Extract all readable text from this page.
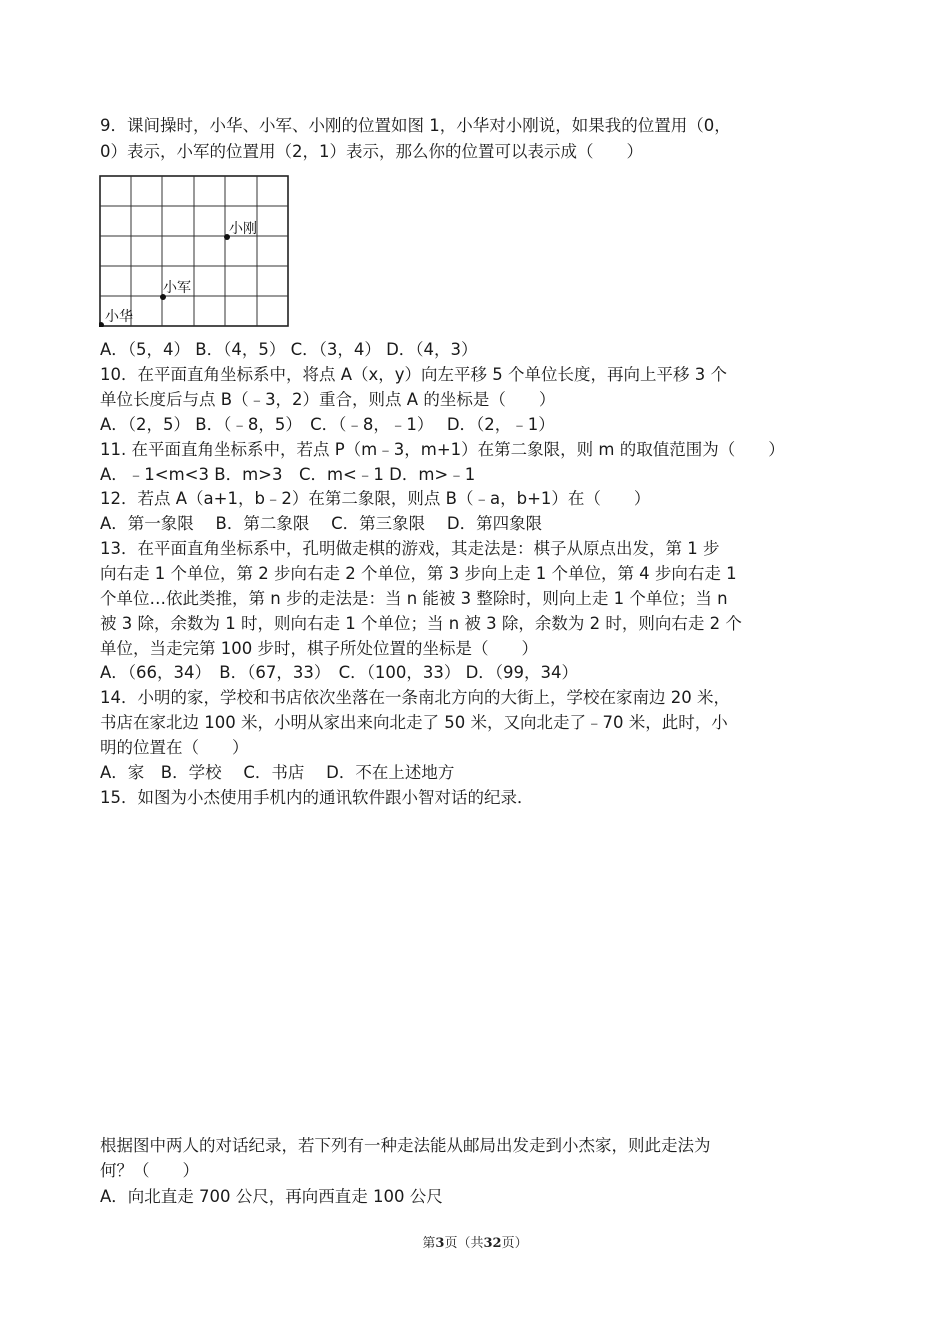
9．课间操时，小华、小军、小刚的位置如图 1，小华对小刚说，如果我的位置用（0，
0）表示，小军的位置用（2，1）表示，那么你的位置可以表示成（　　）
小华
小军
小刚
A．（5，4） B．（4，5） C．（3，4） D．（4，3）
10．在平面直角坐标系中，将点 A（x，y）向左平移 5 个单位长度，再向上平移 3 个
单位长度后与点 B（﹣3，2）重合，则点 A 的坐标是（　　）
A．（2，5） B．（﹣8，5）　C．（﹣8，﹣1）　 D．（2，﹣1）
11. 在平面直角坐标系中，若点 P（m﹣3，m+1）在第二象限，则 m 的取值范围为（　　）
A．﹣1<m<3 B．m>3　C．m<﹣1 D．m>﹣1
12．若点 A（a+1，b﹣2）在第二象限，则点 B（﹣a，b+1）在（　　）
A．第一象限　 B．第二象限　 C．第三象限　 D．第四象限
13．在平面直角坐标系中，孔明做走棋的游戏，其走法是：棋子从原点出发，第 1 步
向右走 1 个单位，第 2 步向右走 2 个单位，第 3 步向上走 1 个单位，第 4 步向右走 1
个单位…依此类推，第 n 步的走法是：当 n 能被 3 整除时，则向上走 1 个单位；当 n
被 3 除，余数为 1 时，则向右走 1 个单位；当 n 被 3 除，余数为 2 时，则向右走 2 个
单位，当走完第 100 步时，棋子所处位置的坐标是（　　）
A．（66，34）　B．（67，33）　C．（100，33） D．（99，34）
14．小明的家，学校和书店依次坐落在一条南北方向的大街上，学校在家南边 20 米，
书店在家北边 100 米，小明从家出来向北走了 50 米，又向北走了﹣70 米，此时，小
明的位置在（　　）
A．家　B．学校　 C．书店　 D．不在上述地方
15．如图为小杰使用手机内的通讯软件跟小智对话的纪录．
根据图中两人的对话纪录，若下列有一种走法能从邮局出发走到小杰家，则此走法为
何？（　　）
A．向北直走 700 公尺，再向西直走 100 公尺
第3页（共32页）
